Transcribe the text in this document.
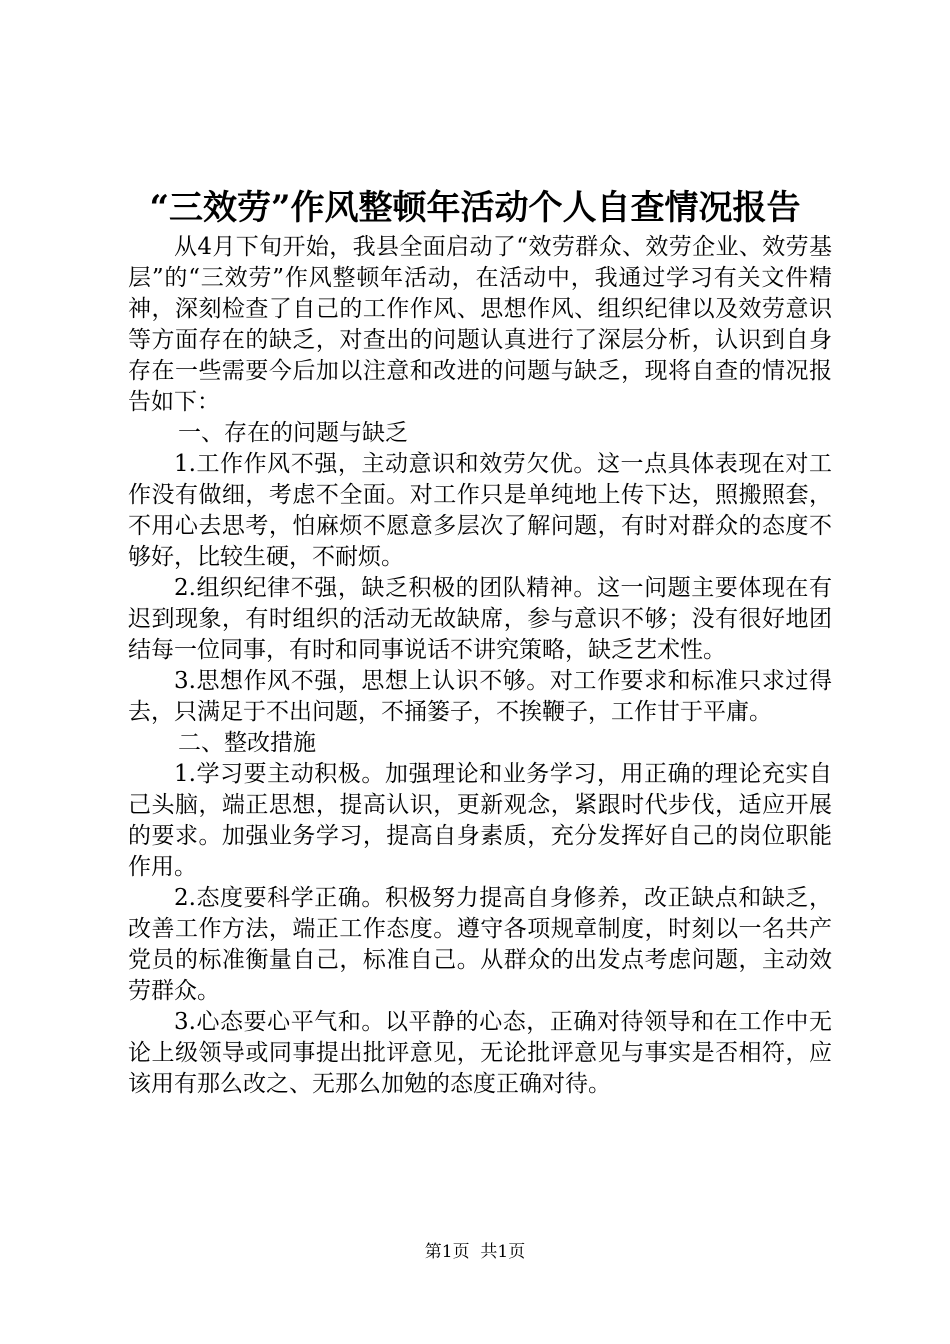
“三效劳”作风整顿年活动个人自查情况报告

从4月下旬开始，我县全面启动了“效劳群众、效劳企业、效劳基层”的“三效劳”作风整顿年活动，在活动中，我通过学习有关文件精神，深刻检查了自己的工作作风、思想作风、组织纪律以及效劳意识等方面存在的缺乏，对查出的问题认真进行了深层分析，认识到自身存在一些需要今后加以注意和改进的问题与缺乏，现将自查的情况报告如下：

一、存在的问题与缺乏

1.工作作风不强，主动意识和效劳欠优。这一点具体表现在对工作没有做细，考虑不全面。对工作只是单纯地上传下达，照搬照套，不用心去思考，怕麻烦不愿意多层次了解问题，有时对群众的态度不够好，比较生硬，不耐烦。

2.组织纪律不强，缺乏积极的团队精神。这一问题主要体现在有迟到现象，有时组织的活动无故缺席，参与意识不够；没有很好地团结每一位同事，有时和同事说话不讲究策略，缺乏艺术性。

3.思想作风不强，思想上认识不够。对工作要求和标准只求过得去，只满足于不出问题，不捅篓子，不挨鞭子，工作甘于平庸。

二、整改措施

1.学习要主动积极。加强理论和业务学习，用正确的理论充实自己头脑，端正思想，提高认识，更新观念，紧跟时代步伐，适应开展的要求。加强业务学习，提高自身素质，充分发挥好自己的岗位职能作用。

2.态度要科学正确。积极努力提高自身修养，改正缺点和缺乏，改善工作方法，端正工作态度。遵守各项规章制度，时刻以一名共产党员的标准衡量自己，标准自己。从群众的出发点考虑问题，主动效劳群众。

3.心态要心平气和。以平静的心态，正确对待领导和在工作中无论上级领导或同事提出批评意见，无论批评意见与事实是否相符，应该用有那么改之、无那么加勉的态度正确对待。

第1页 共1页
